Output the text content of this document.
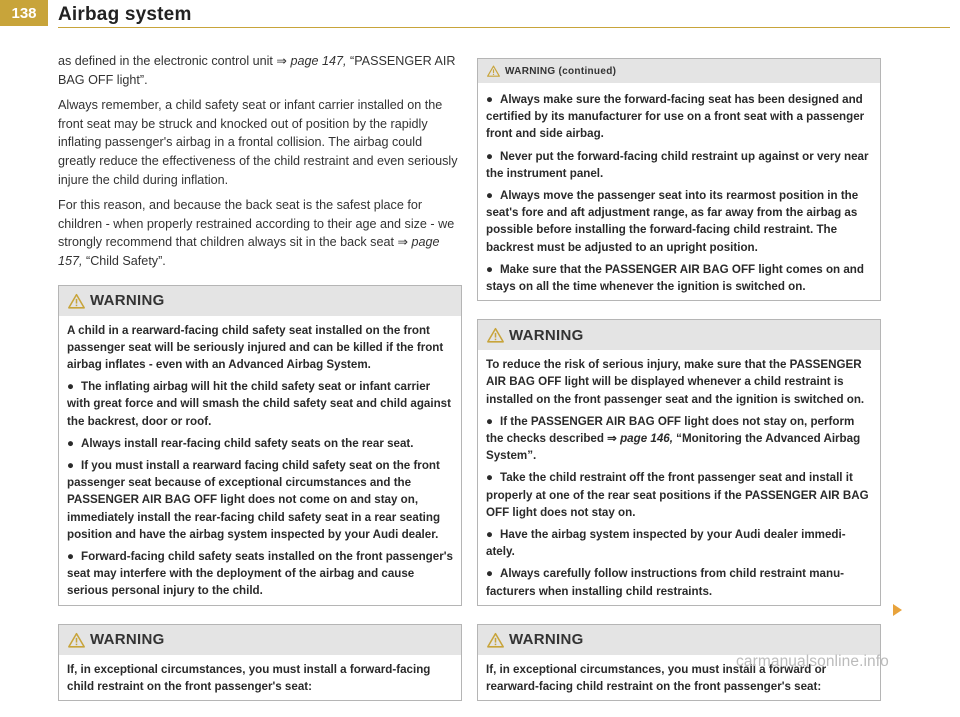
138	Airbag system

as defined in the electronic control unit ⇒ page 147, “PASSENGER AIR BAG OFF light”.

Always remember, a child safety seat or infant carrier installed on the front seat may be struck and knocked out of position by the rapidly inflating passenger's airbag in a frontal collision. The airbag could greatly reduce the effectiveness of the child restraint and even seriously injure the child during inflation.

For this reason, and because the back seat is the safest place for children - when properly restrained according to their age and size - we strongly recommend that children always sit in the back seat ⇒ page 157, “Child Safety”.

WARNING

A child in a rearward-facing child safety seat installed on the front passenger seat will be seriously injured and can be killed if the front airbag inflates - even with an Advanced Airbag System.

● The inflating airbag will hit the child safety seat or infant carrier with great force and will smash the child safety seat and child against the backrest, door or roof.

● Always install rear-facing child safety seats on the rear seat.

● If you must install a rearward facing child safety seat on the front passenger seat because of exceptional circumstances and the PASSENGER AIR BAG OFF light does not come on and stay on, immediately install the rear-facing child safety seat in a rear seating position and have the airbag system inspected by your Audi dealer.

● Forward-facing child safety seats installed on the front passenger's seat may interfere with the deployment of the airbag and cause serious personal injury to the child.

WARNING

If, in exceptional circumstances, you must install a forward-facing child restraint on the front passenger's seat:

WARNING (continued)

● Always make sure the forward-facing seat has been designed and certified by its manufacturer for use on a front seat with a passenger front and side airbag.

● Never put the forward-facing child restraint up against or very near the instrument panel.

● Always move the passenger seat into its rearmost position in the seat's fore and aft adjustment range, as far away from the airbag as possible before installing the forward-facing child restraint. The backrest must be adjusted to an upright position.

● Make sure that the PASSENGER AIR BAG OFF light comes on and stays on all the time whenever the ignition is switched on.

WARNING

To reduce the risk of serious injury, make sure that the PASSENGER AIR BAG OFF light will be displayed whenever a child restraint is installed on the front passenger seat and the ignition is switched on.

● If the PASSENGER AIR BAG OFF light does not stay on, perform the checks described ⇒ page 146, “Monitoring the Advanced Airbag System”.

● Take the child restraint off the front passenger seat and install it properly at one of the rear seat positions if the PASSENGER AIR BAG OFF light does not stay on.

● Have the airbag system inspected by your Audi dealer immedi-ately.

● Always carefully follow instructions from child restraint manu-facturers when installing child restraints.

WARNING

If, in exceptional circumstances, you must install a forward or rearward-facing child restraint on the front passenger's seat:

carmanualsonline.info
